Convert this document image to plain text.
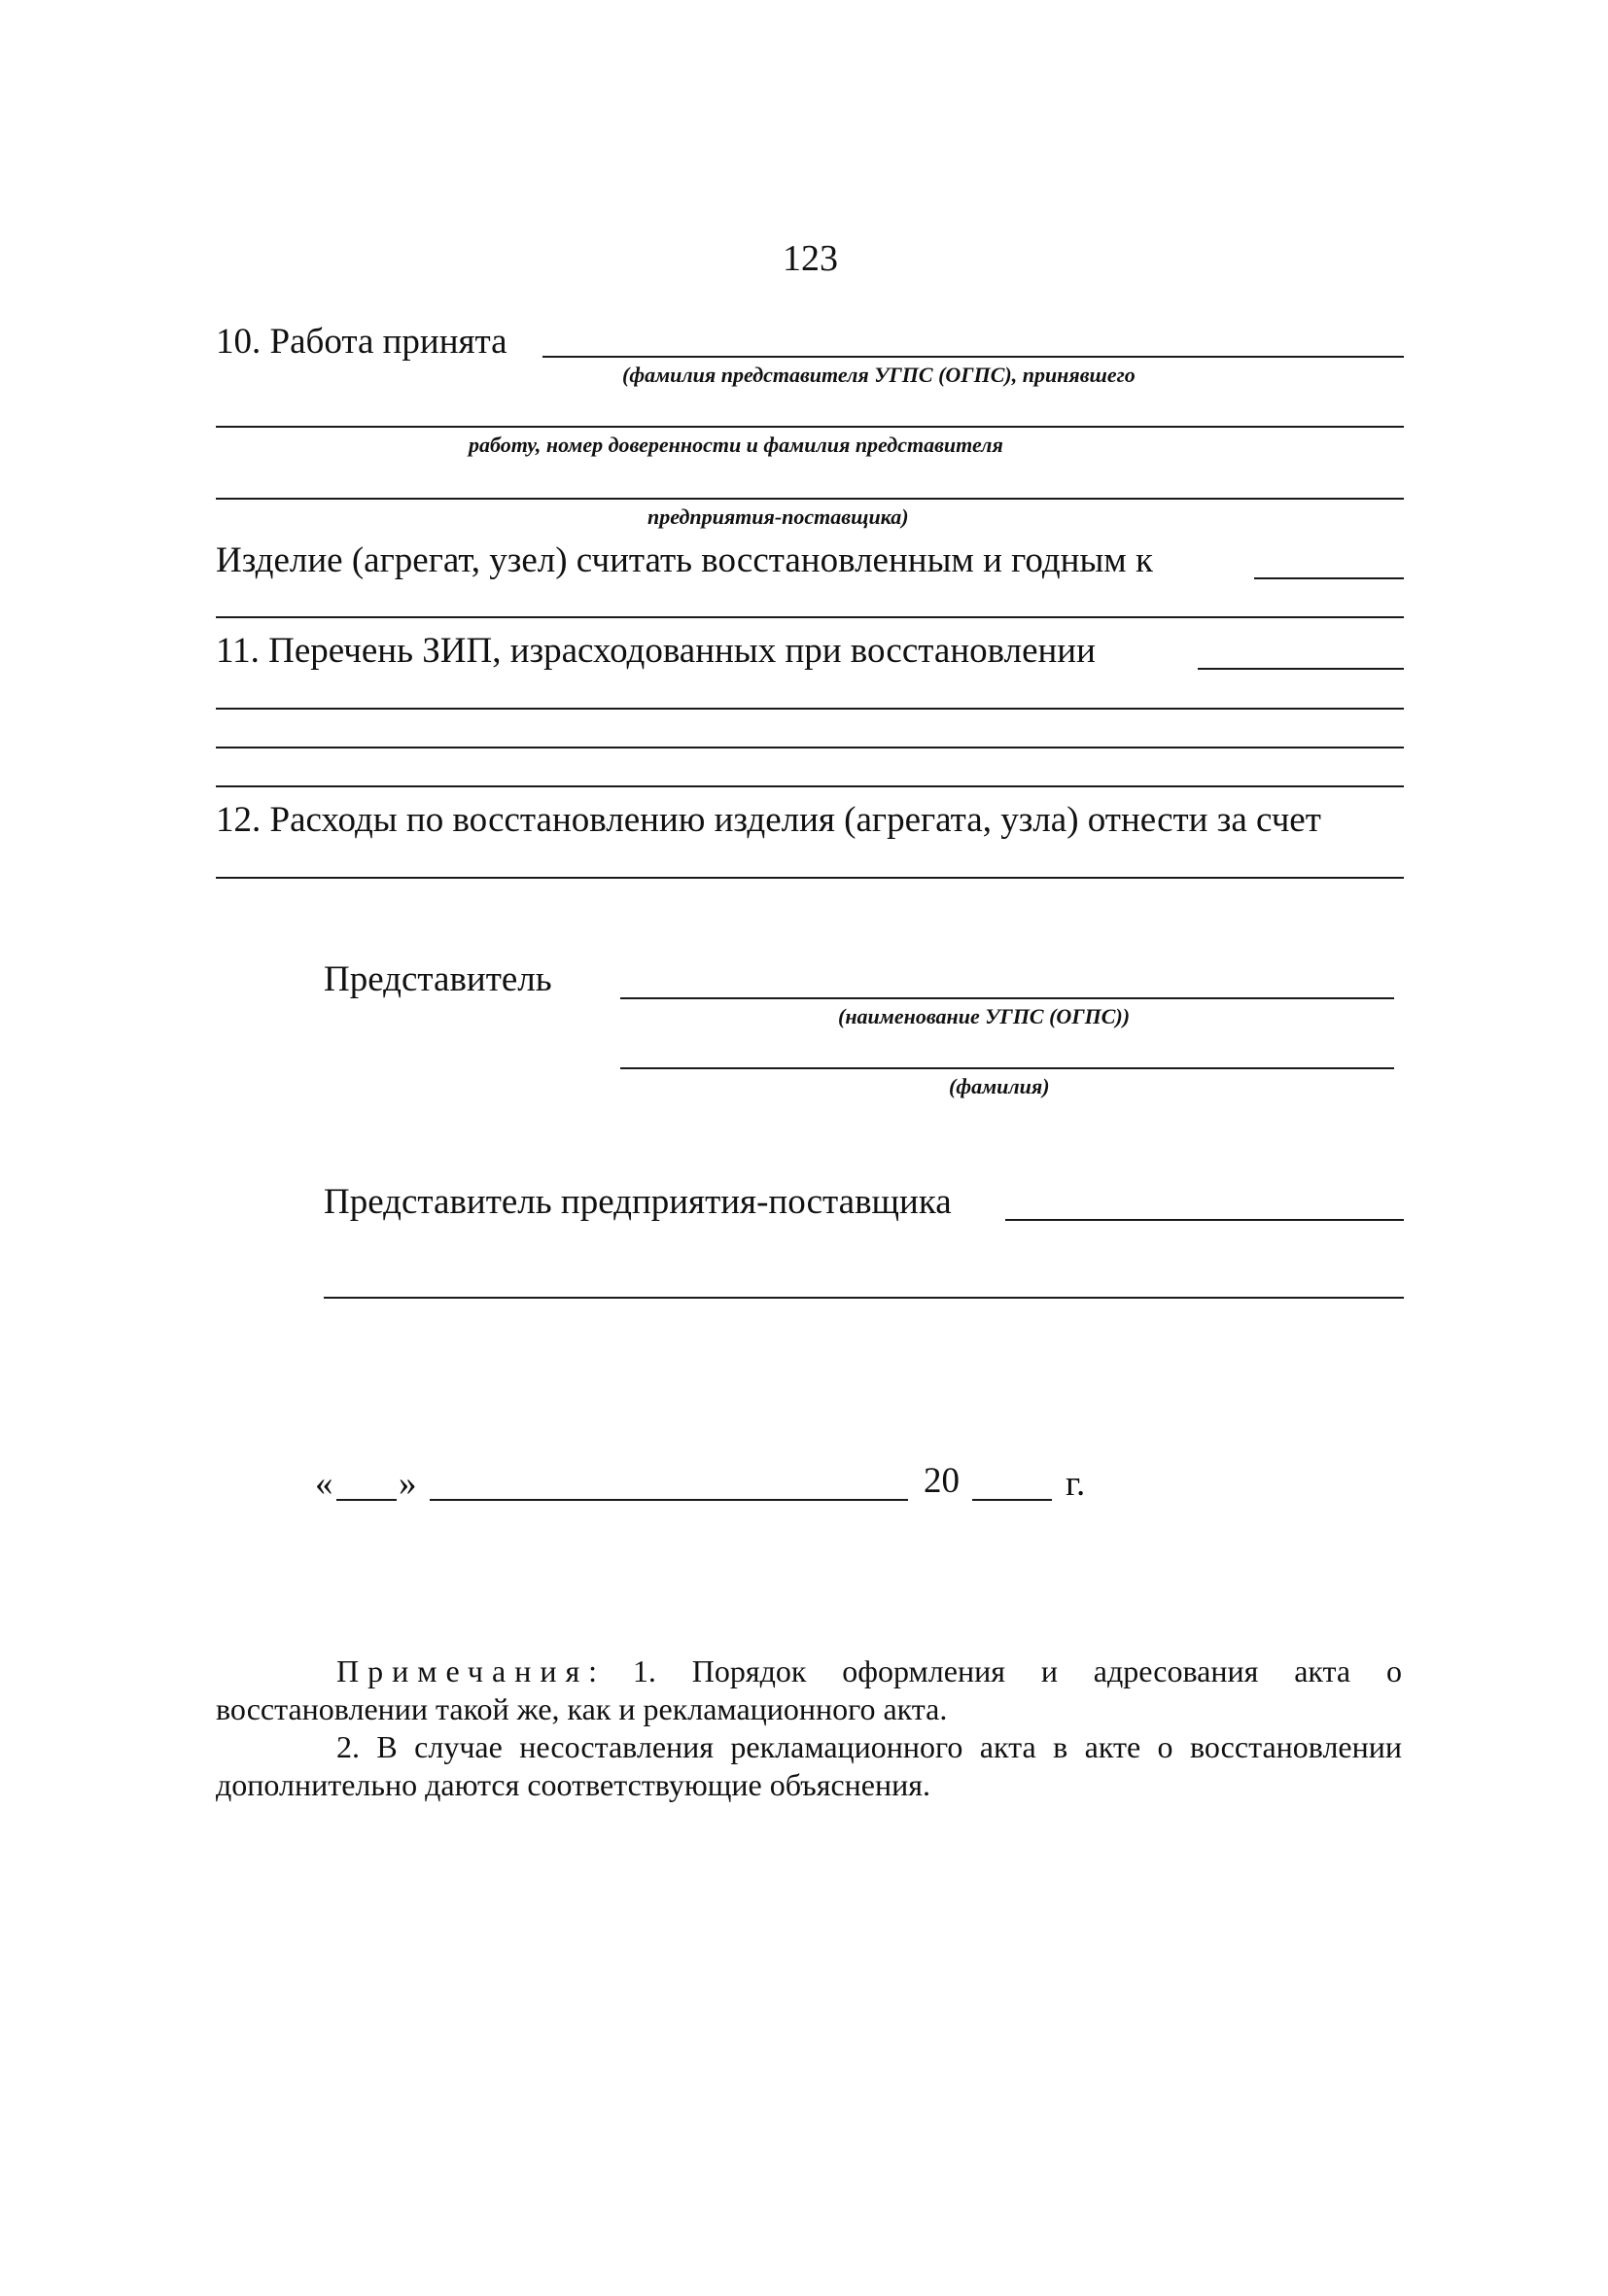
123
10. Работа принята
(фамилия представителя УГПС (ОГПС), принявшего
работу, номер доверенности и фамилия представителя
предприятия-поставщика)
Изделие (агрегат, узел) считать восстановленным и годным к
11. Перечень ЗИП, израсходованных при восстановлении
12. Расходы по восстановлению изделия (агрегата, узла) отнести за счет
Представитель
(наименование УГПС (ОГПС))
(фамилия)
Представитель предприятия-поставщика
« »	20	г.

Примечания: 1. Порядок оформления и адресования акта о восстановлении такой же, как и рекламационного акта.

2. В случае несоставления рекламационного акта в акте о восстановлении дополнительно даются соответствующие объяснения.
